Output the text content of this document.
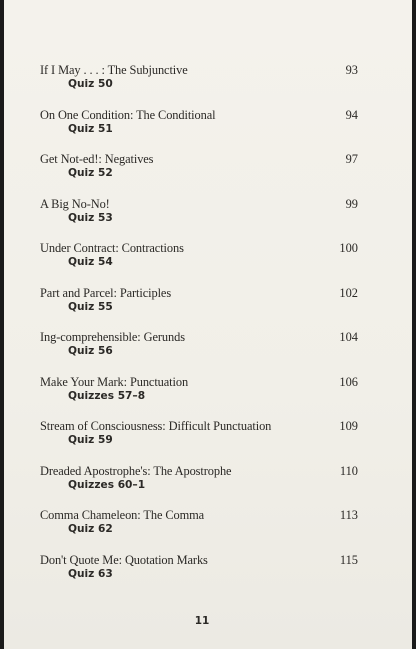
If I May . . . : The Subjunctive	93
Quiz 50
On One Condition: The Conditional	94
Quiz 51
Get Not-ed!: Negatives	97
Quiz 52
A Big No-No!	99
Quiz 53
Under Contract: Contractions	100
Quiz 54
Part and Parcel: Participles	102
Quiz 55
Ing-comprehensible: Gerunds	104
Quiz 56
Make Your Mark: Punctuation	106
Quizzes 57–8
Stream of Consciousness: Difficult Punctuation	109
Quiz 59
Dreaded Apostrophe's: The Apostrophe	110
Quizzes 60–1
Comma Chameleon: The Comma	113
Quiz 62
Don't Quote Me: Quotation Marks	115
Quiz 63
11
